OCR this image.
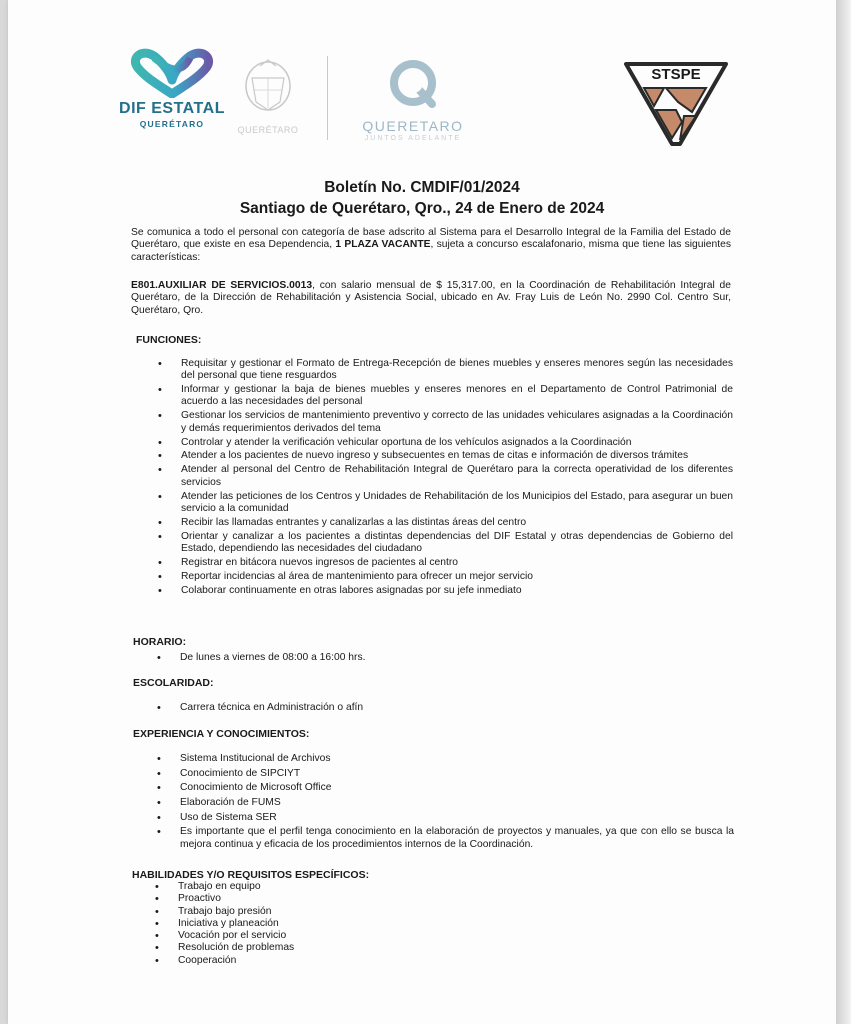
DIF ESTATAL
QUERÉTARO
QUERÉTARO	QUERETARO
JUNTOS ADELANTE
STSPE
Boletín No. CMDIF/01/2024
Santiago de Querétaro, Qro., 24 de Enero de 2024
Se comunica a todo el personal con categoría de base adscrito al Sistema para el Desarrollo Integral de la Familia del Estado de Querétaro, que existe en esa Dependencia, 1 PLAZA VACANTE, sujeta a concurso escalafonario, misma que tiene las siguientes características:
E801.AUXILIAR DE SERVICIOS.0013, con salario mensual de $ 15,317.00, en la Coordinación de Rehabilitación Integral de Querétaro, de la Dirección de Rehabilitación y Asistencia Social, ubicado en Av. Fray Luis de León No. 2990 Col. Centro Sur, Querétaro, Qro.
FUNCIONES:
• Requisitar y gestionar el Formato de Entrega-Recepción de bienes muebles y enseres menores según las necesidades del personal que tiene resguardos
• Informar y gestionar la baja de bienes muebles y enseres menores en el Departamento de Control Patrimonial de acuerdo a las necesidades del personal
• Gestionar los servicios de mantenimiento preventivo y correcto de las unidades vehiculares asignadas a la Coordinación y demás requerimientos derivados del tema
• Controlar y atender la verificación vehicular oportuna de los vehículos asignados a la Coordinación
• Atender a los pacientes de nuevo ingreso y subsecuentes en temas de citas e información de diversos trámites
• Atender al personal del Centro de Rehabilitación Integral de Querétaro para la correcta operatividad de los diferentes servicios
• Atender las peticiones de los Centros y Unidades de Rehabilitación de los Municipios del Estado, para asegurar un buen servicio a la comunidad
• Recibir las llamadas entrantes y canalizarlas a las distintas áreas del centro
• Orientar y canalizar a los pacientes a distintas dependencias del DIF Estatal y otras dependencias de Gobierno del Estado, dependiendo las necesidades del ciudadano
• Registrar en bitácora nuevos ingresos de pacientes al centro
• Reportar incidencias al área de mantenimiento para ofrecer un mejor servicio
• Colaborar continuamente en otras labores asignadas por su jefe inmediato
HORARIO:
• De lunes a viernes de 08:00 a 16:00 hrs.
ESCOLARIDAD:
• Carrera técnica en Administración o afín
EXPERIENCIA Y CONOCIMIENTOS:
• Sistema Institucional de Archivos
• Conocimiento de SIPCIYT
• Conocimiento de Microsoft Office
• Elaboración de FUMS
• Uso de Sistema SER
• Es importante que el perfil tenga conocimiento en la elaboración de proyectos y manuales, ya que con ello se busca la mejora continua y eficacia de los procedimientos internos de la Coordinación.
HABILIDADES Y/O REQUISITOS ESPECÍFICOS:
• Trabajo en equipo
• Proactivo
• Trabajo bajo presión
• Iniciativa y planeación
• Vocación por el servicio
• Resolución de problemas
• Cooperación
